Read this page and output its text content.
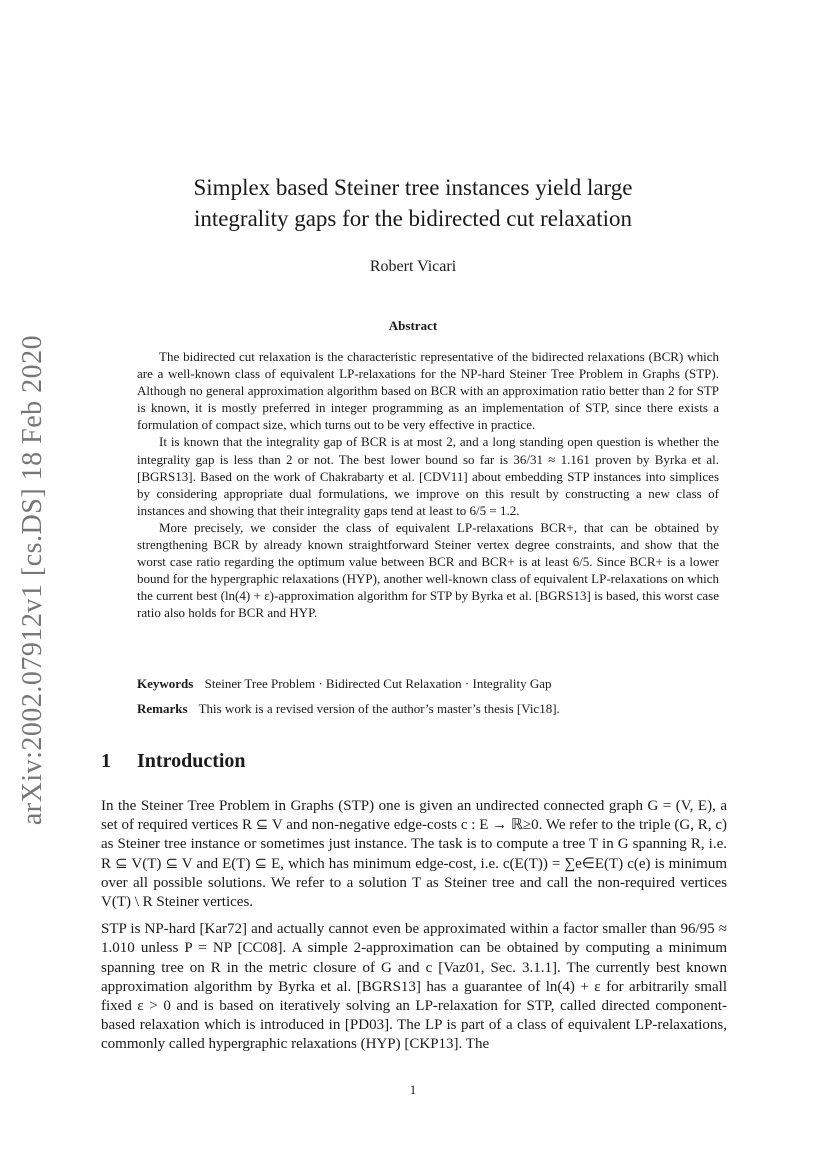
arXiv:2002.07912v1 [cs.DS] 18 Feb 2020
Simplex based Steiner tree instances yield large
integrality gaps for the bidirected cut relaxation
Robert Vicari
Abstract

The bidirected cut relaxation is the characteristic representative of the bidirected relaxations (BCR) which are a well-known class of equivalent LP-relaxations for the NP-hard Steiner Tree Problem in Graphs (STP). Although no general approximation algorithm based on BCR with an approximation ratio better than 2 for STP is known, it is mostly preferred in integer programming as an implementation of STP, since there exists a formulation of compact size, which turns out to be very effective in practice.

It is known that the integrality gap of BCR is at most 2, and a long standing open question is whether the integrality gap is less than 2 or not. The best lower bound so far is 36/31 ≈ 1.161 proven by Byrka et al. [BGRS13]. Based on the work of Chakrabarty et al. [CDV11] about embedding STP instances into simplices by considering appropriate dual formulations, we improve on this result by constructing a new class of instances and showing that their integrality gaps tend at least to 6/5 = 1.2.

More precisely, we consider the class of equivalent LP-relaxations BCR+, that can be obtained by strengthening BCR by already known straightforward Steiner vertex degree constraints, and show that the worst case ratio regarding the optimum value between BCR and BCR+ is at least 6/5. Since BCR+ is a lower bound for the hypergraphic relaxations (HYP), another well-known class of equivalent LP-relaxations on which the current best (ln(4) + ε)-approximation algorithm for STP by Byrka et al. [BGRS13] is based, this worst case ratio also holds for BCR and HYP.

Keywords Steiner Tree Problem · Bidirected Cut Relaxation · Integrality Gap
Remarks This work is a revised version of the author’s master’s thesis [Vic18].
1 Introduction

In the Steiner Tree Problem in Graphs (STP) one is given an undirected connected graph G = (V, E), a set of required vertices R ⊆ V and non-negative edge-costs c : E → ℝ≥0. We refer to the triple (G, R, c) as Steiner tree instance or sometimes just instance. The task is to compute a tree T in G spanning R, i.e. R ⊆ V(T) ⊆ V and E(T) ⊆ E, which has minimum edge-cost, i.e. c(E(T)) = ∑e∈E(T) c(e) is minimum over all possible solutions. We refer to a solution T as Steiner tree and call the non-required vertices V(T) \ R Steiner vertices.

STP is NP-hard [Kar72] and actually cannot even be approximated within a factor smaller than 96/95 ≈ 1.010 unless P = NP [CC08]. A simple 2-approximation can be obtained by computing a minimum spanning tree on R in the metric closure of G and c [Vaz01, Sec. 3.1.1]. The currently best known approximation algorithm by Byrka et al. [BGRS13] has a guarantee of ln(4) + ε for arbitrarily small fixed ε > 0 and is based on iteratively solving an LP-relaxation for STP, called directed component-based relaxation which is introduced in [PD03]. The LP is part of a class of equivalent LP-relaxations, commonly called hypergraphic relaxations (HYP) [CKP13]. The

1
